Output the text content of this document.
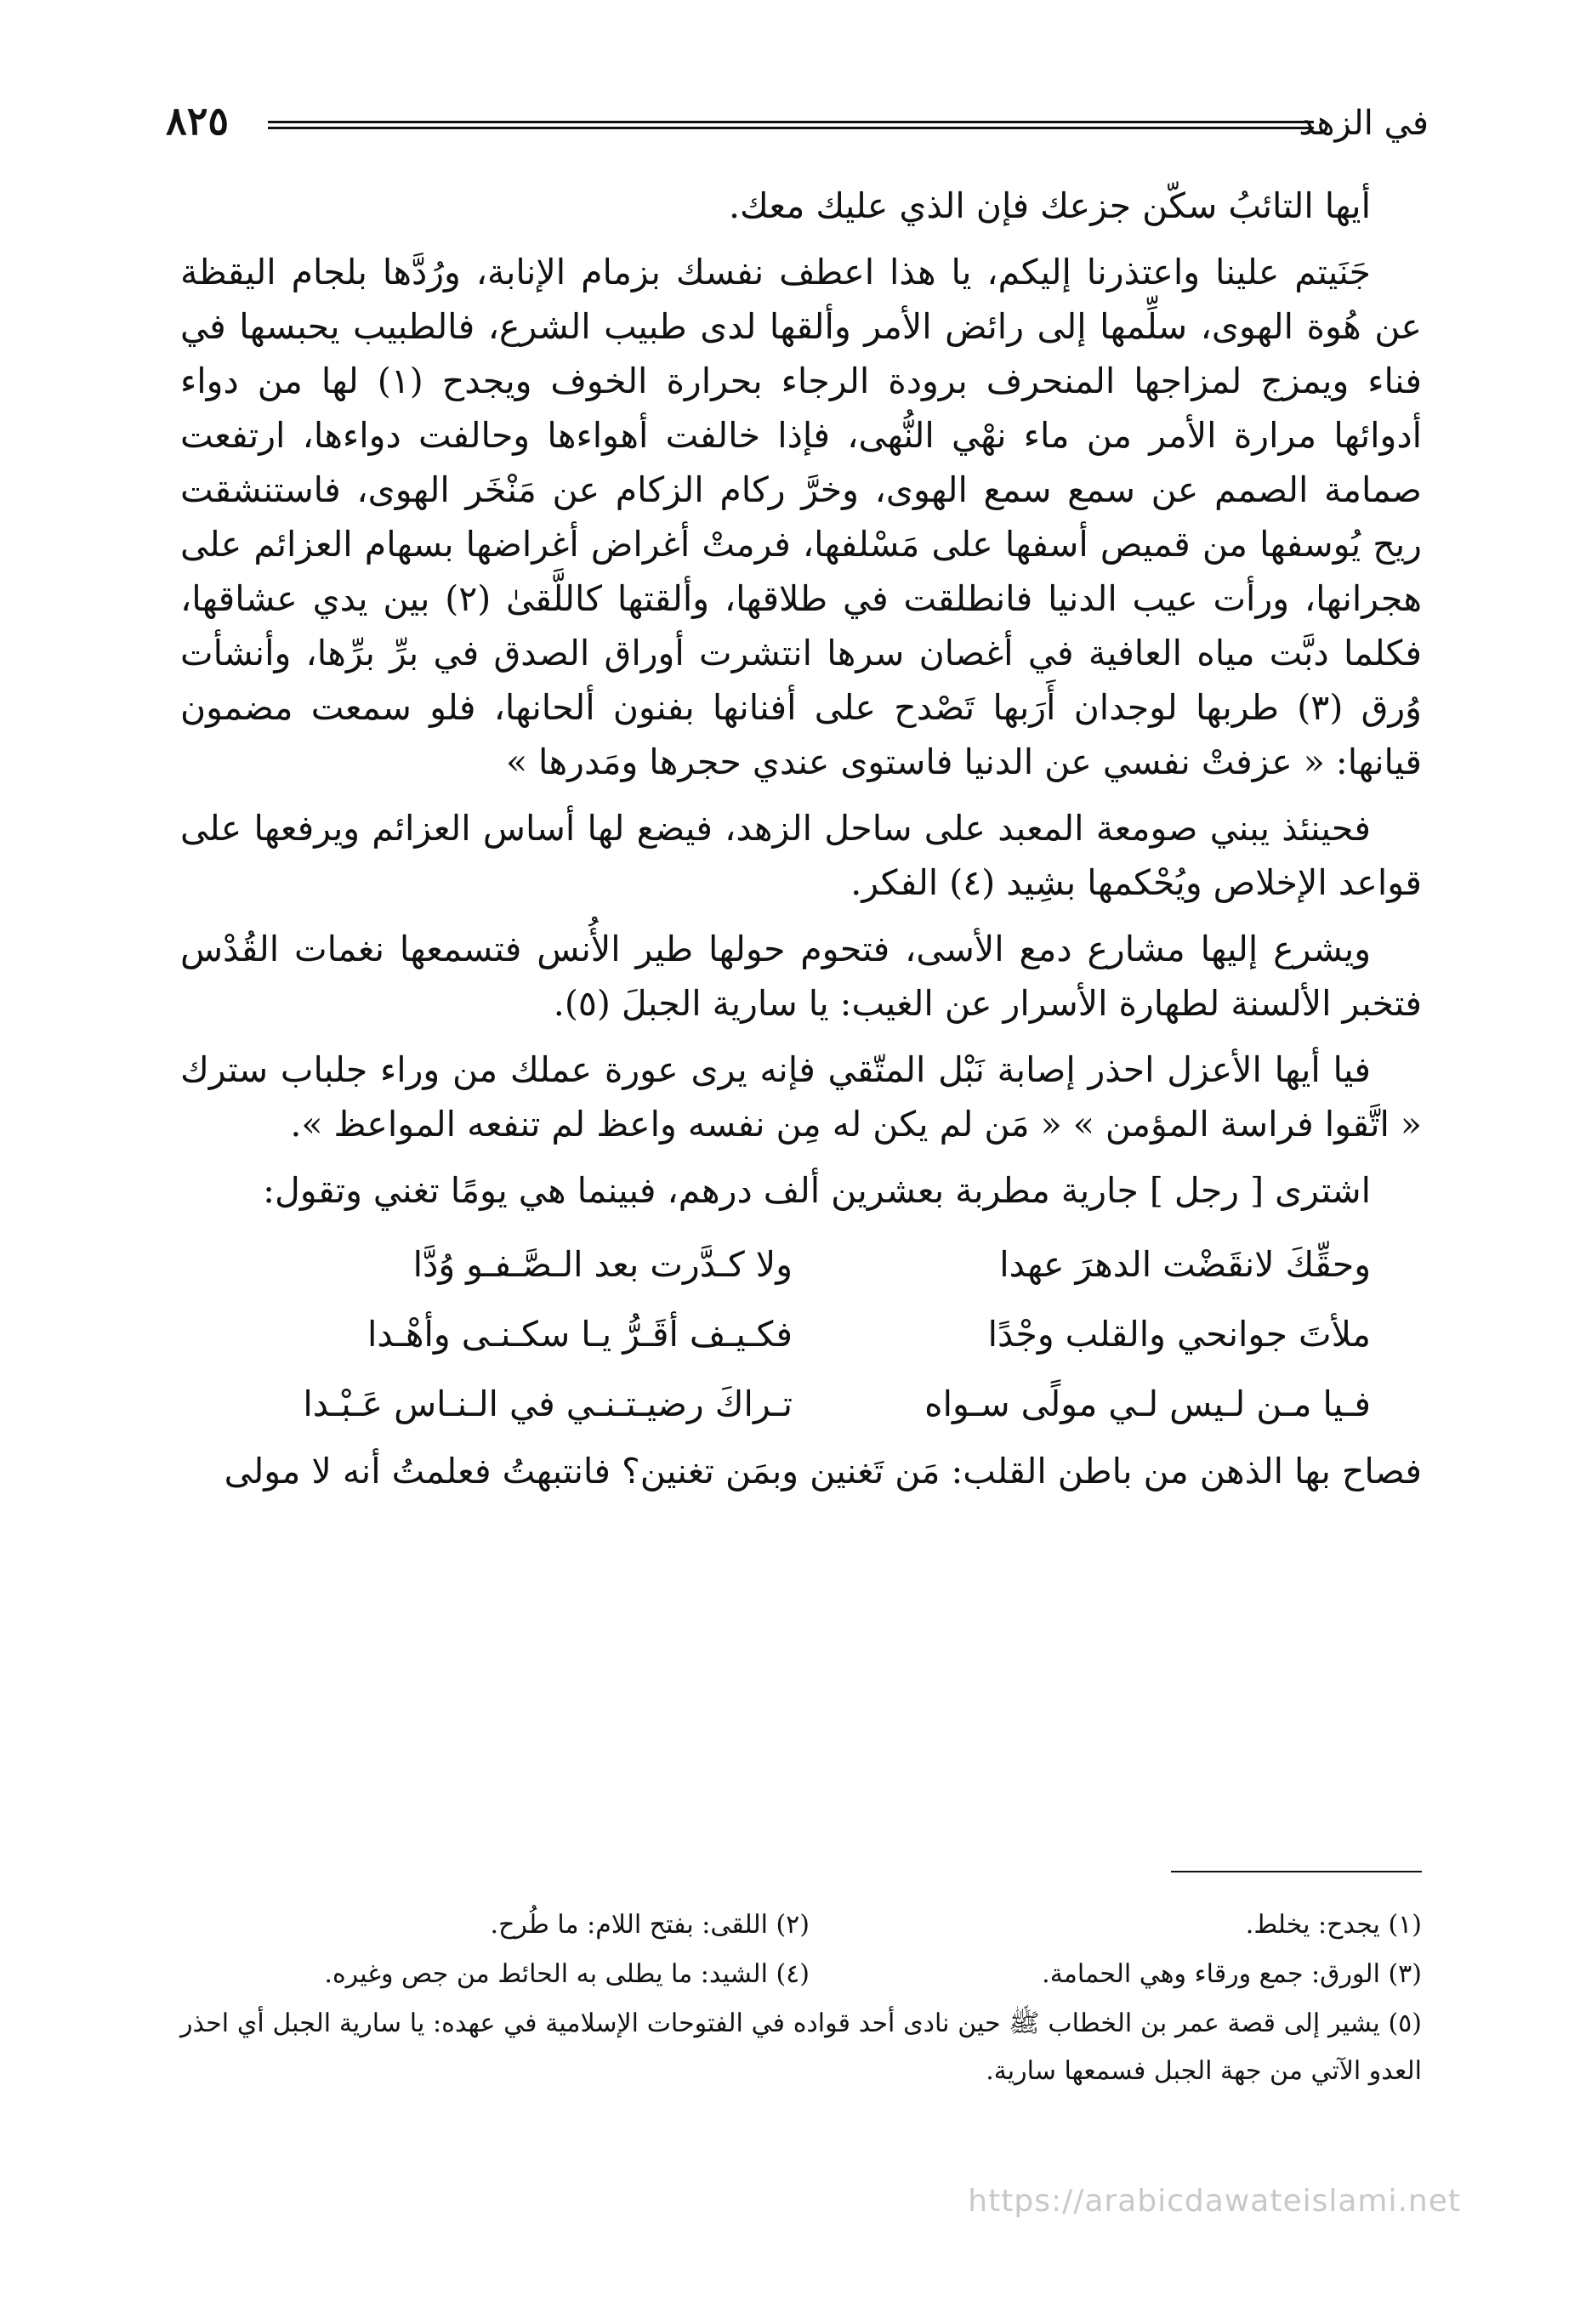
في الزهد
٨٢٥

أيها التائبُ سكّن جزعك فإن الذي عليك معك.

جَنَيتم علينا واعتذرنا إليكم، يا هذا اعطف نفسك بزمام الإنابة، ورُدَّها بلجام اليقظة عن هُوة الهوى، سلِّمها إلى رائض الأمر وألقها لدى طبيب الشرع، فالطبيب يحبسها في فناء ويمزج لمزاجها المنحرف برودة الرجاء بحرارة الخوف ويجدح (١) لها من دواء أدوائها مرارة الأمر من ماء نهْي النُّهى، فإذا خالفت أهواءها وحالفت دواءها، ارتفعت صمامة الصمم عن سمع سمع الهوى، وخرَّ ركام الزكام عن مَنْخَر الهوى، فاستنشقت ريح يُوسفها من قميص أسفها على مَسْلفها، فرمتْ أغراض أغراضها بسهام العزائم على هجرانها، ورأت عيب الدنيا فانطلقت في طلاقها، وألقتها كاللَّقىٰ (٢) بين يدي عشاقها، فكلما دبَّت مياه العافية في أغصان سرها انتشرت أوراق الصدق في برِّ برِّها، وأنشأت وُرق (٣) طربها لوجدان أَرَبها تَصْدح على أفنانها بفنون ألحانها، فلو سمعت مضمون قيانها: « عزفتْ نفسي عن الدنيا فاستوى عندي حجرها ومَدرها »

فحينئذ يبني صومعة المعبد على ساحل الزهد، فيضع لها أساس العزائم ويرفعها على قواعد الإخلاص ويُحْكمها بشِيد (٤) الفكر.

ويشرع إليها مشارع دمع الأسى، فتحوم حولها طير الأُنس فتسمعها نغمات القُدْس فتخبر الألسنة لطهارة الأسرار عن الغيب: يا سارية الجبلَ (٥).

فيا أيها الأعزل احذر إصابة نَبْل المتّقي فإنه يرى عورة عملك من وراء جلباب سترك « اتَّقوا فراسة المؤمن » « مَن لم يكن له مِن نفسه واعظ لم تنفعه المواعظ ».

اشترى [ رجل ] جارية مطربة بعشرين ألف درهم، فبينما هي يومًا تغني وتقول:

وحقِّكَ لانقَضْت الدهرَ عهدا
ولا كـدَّرت بعد الـصَّـفـو وُدَّا
ملأتَ جوانحي والقلب وجْدًا
فكـيـف أقَـرُّ يـا سكـنـى وأهْـدا
فـيا مـن لـيس لـي مولًى سـواه
تـراكَ رضيـتـنـي في الـنـاس عَـبْـدا

فصاح بها الذهن من باطن القلب: مَن تَغنين وبمَن تغنين؟ فانتبهتُ فعلمتُ أنه لا مولى

(١) يجدح: يخلط.
(٢) اللقى: بفتح اللام: ما طُرح.
(٣) الورق: جمع ورقاء وهي الحمامة.
(٤) الشيد: ما يطلى به الحائط من جص وغيره.
(٥) يشير إلى قصة عمر بن الخطاب ﷺ حين نادى أحد قواده في الفتوحات الإسلامية في عهده: يا سارية الجبل أي احذر العدو الآتي من جهة الجبل فسمعها سارية.
https://arabicdawateislami.net
